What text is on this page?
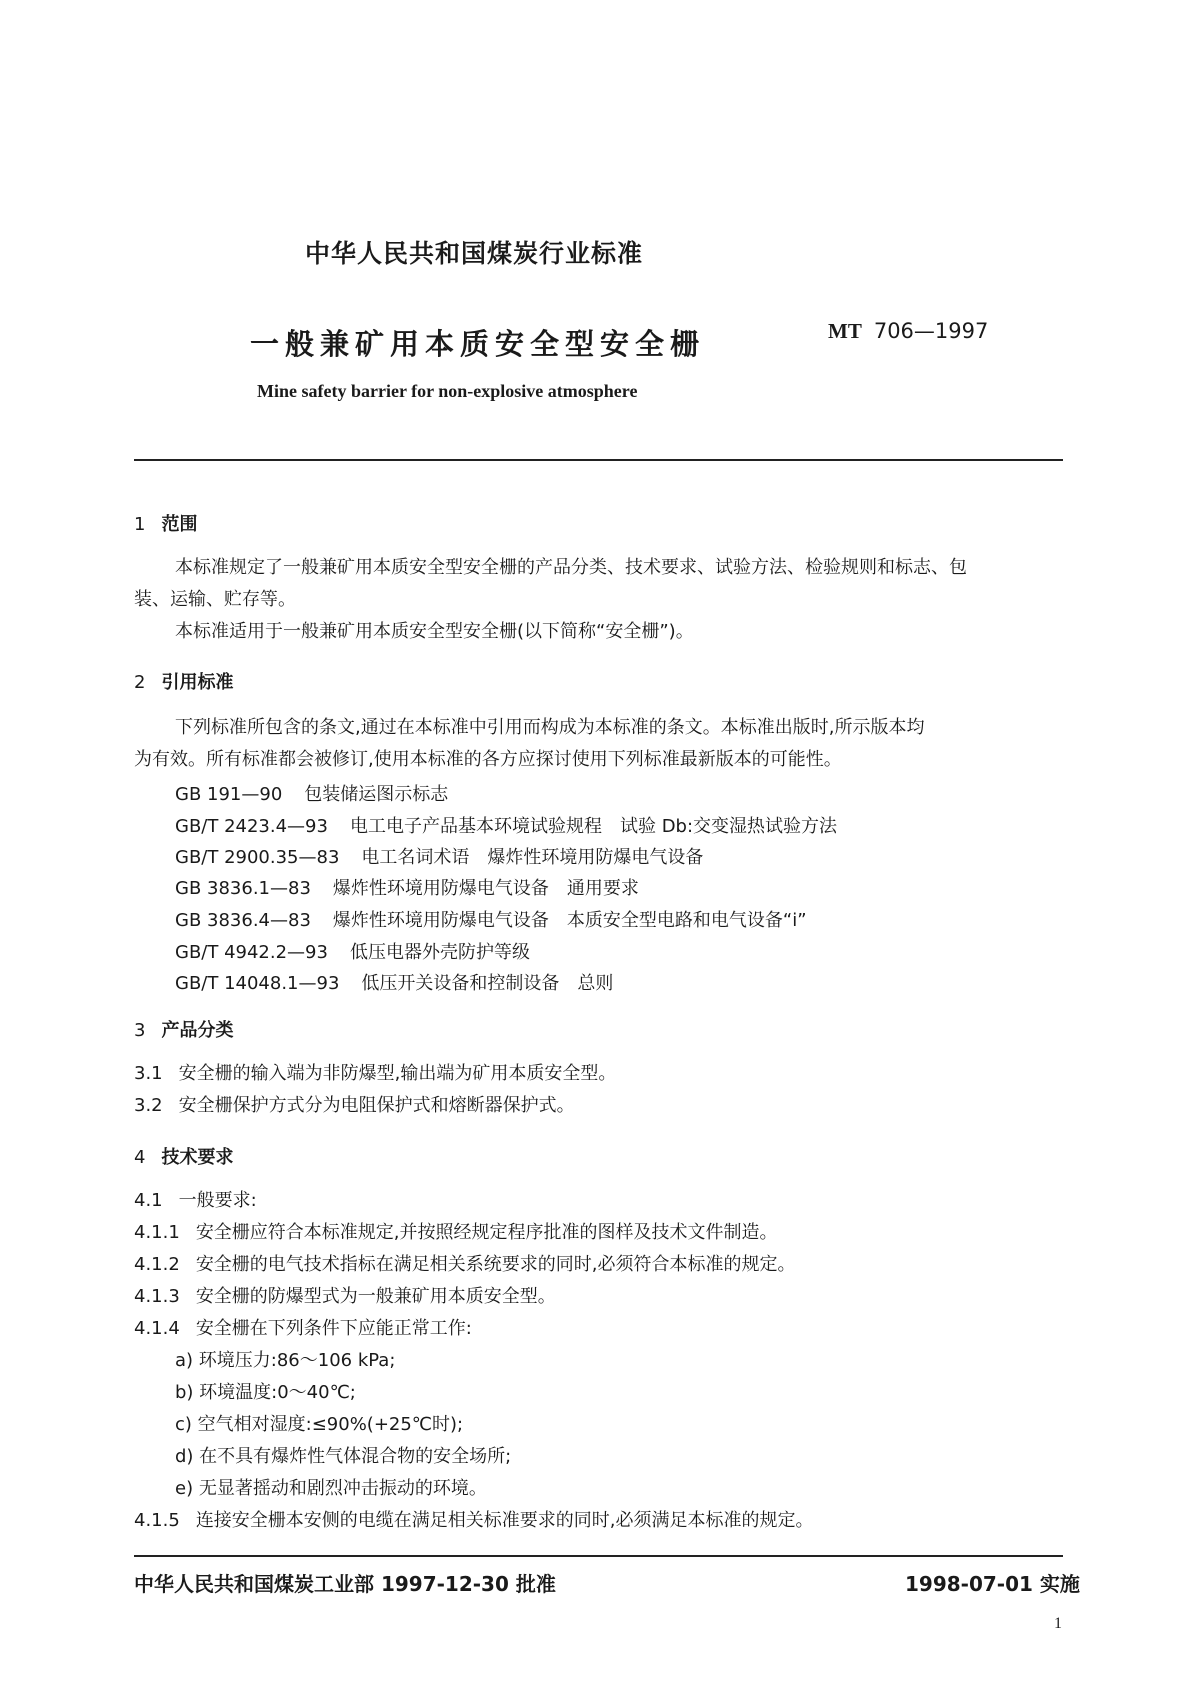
中华人民共和国煤炭行业标准
一般兼矿用本质安全型安全栅	MT 706—1997
Mine safety barrier for non-explosive atmosphere
1 范围
本标准规定了一般兼矿用本质安全型安全栅的产品分类、技术要求、试验方法、检验规则和标志、包
装、运输、贮存等。
本标准适用于一般兼矿用本质安全型安全栅(以下简称“安全栅”)。
2 引用标准
下列标准所包含的条文,通过在本标准中引用而构成为本标准的条文。本标准出版时,所示版本均
为有效。所有标准都会被修订,使用本标准的各方应探讨使用下列标准最新版本的可能性。
GB 191—90 包装储运图示标志
GB/T 2423.4—93 电工电子产品基本环境试验规程　试验 Db:交变湿热试验方法
GB/T 2900.35—83 电工名词术语　爆炸性环境用防爆电气设备
GB 3836.1—83 爆炸性环境用防爆电气设备　通用要求
GB 3836.4—83 爆炸性环境用防爆电气设备　本质安全型电路和电气设备“i”
GB/T 4942.2—93 低压电器外壳防护等级
GB/T 14048.1—93 低压开关设备和控制设备　总则
3 产品分类
3.1 安全栅的输入端为非防爆型,输出端为矿用本质安全型。
3.2 安全栅保护方式分为电阻保护式和熔断器保护式。
4 技术要求
4.1 一般要求:
4.1.1 安全栅应符合本标准规定,并按照经规定程序批准的图样及技术文件制造。
4.1.2 安全栅的电气技术指标在满足相关系统要求的同时,必须符合本标准的规定。
4.1.3 安全栅的防爆型式为一般兼矿用本质安全型。
4.1.4 安全栅在下列条件下应能正常工作:
a) 环境压力:86～106 kPa;
b) 环境温度:0～40℃;
c) 空气相对湿度:≤90%(+25℃时);
d) 在不具有爆炸性气体混合物的安全场所;
e) 无显著摇动和剧烈冲击振动的环境。
4.1.5 连接安全栅本安侧的电缆在满足相关标准要求的同时,必须满足本标准的规定。
中华人民共和国煤炭工业部 1997-12-30 批准	1998-07-01 实施
1
